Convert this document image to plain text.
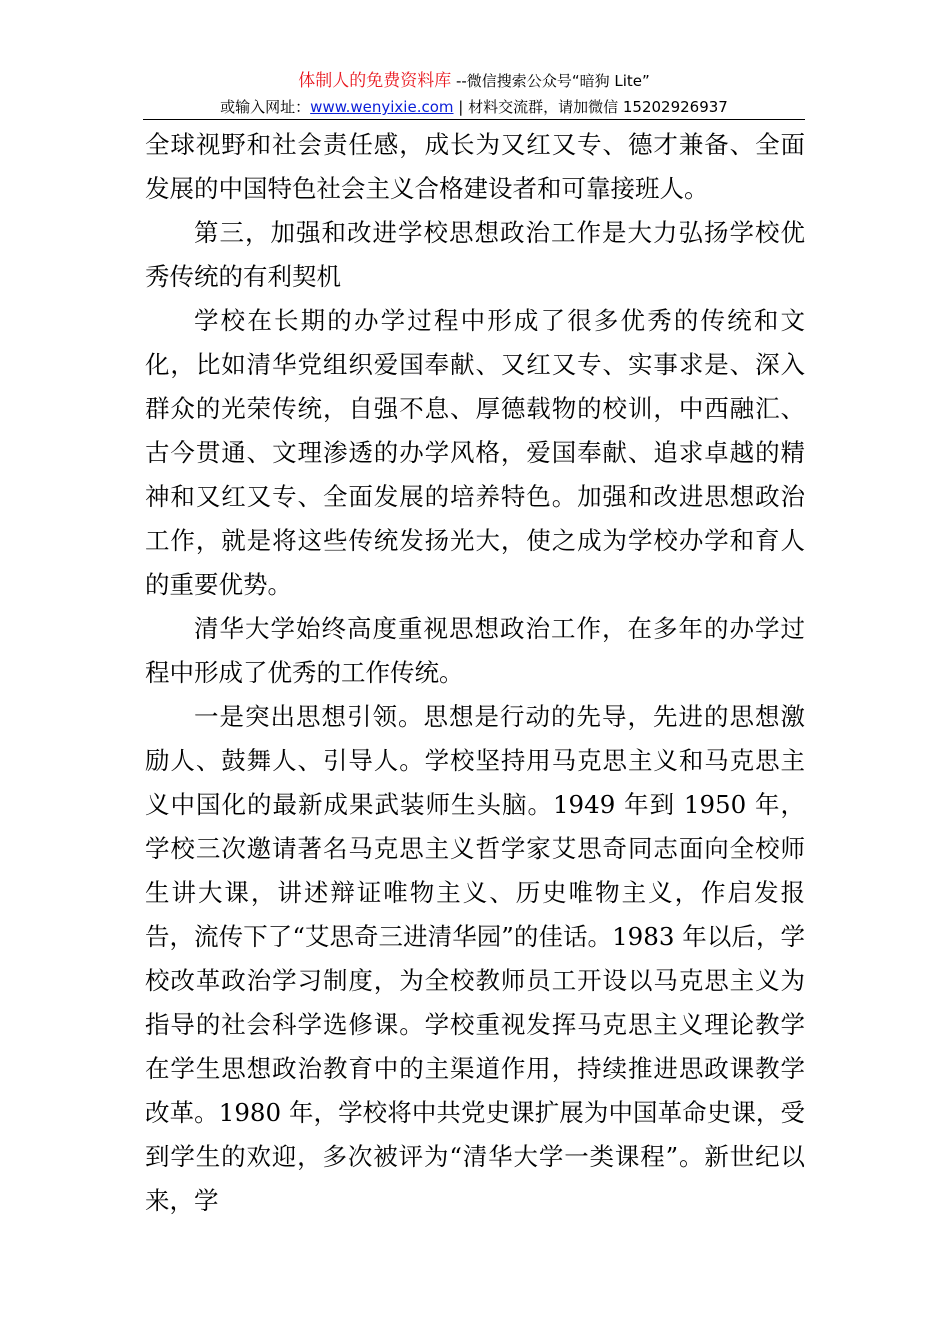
体制人的免费资料库 --微信搜索公众号“暗狗 Lite”
或输入网址：www.wenyixie.com | 材料交流群，请加微信 15202926937

全球视野和社会责任感，成长为又红又专、德才兼备、全面发展的中国特色社会主义合格建设者和可靠接班人。

第三，加强和改进学校思想政治工作是大力弘扬学校优秀传统的有利契机

学校在长期的办学过程中形成了很多优秀的传统和文化，比如清华党组织爱国奉献、又红又专、实事求是、深入群众的光荣传统，自强不息、厚德载物的校训，中西融汇、古今贯通、文理渗透的办学风格，爱国奉献、追求卓越的精神和又红又专、全面发展的培养特色。加强和改进思想政治工作，就是将这些传统发扬光大，使之成为学校办学和育人的重要优势。

清华大学始终高度重视思想政治工作，在多年的办学过程中形成了优秀的工作传统。

一是突出思想引领。思想是行动的先导，先进的思想激励人、鼓舞人、引导人。学校坚持用马克思主义和马克思主义中国化的最新成果武装师生头脑。1949 年到 1950 年，学校三次邀请著名马克思主义哲学家艾思奇同志面向全校师生讲大课，讲述辩证唯物主义、历史唯物主义，作启发报告，流传下了“艾思奇三进清华园”的佳话。1983 年以后，学校改革政治学习制度，为全校教师员工开设以马克思主义为指导的社会科学选修课。学校重视发挥马克思主义理论教学在学生思想政治教育中的主渠道作用，持续推进思政课教学改革。1980 年，学校将中共党史课扩展为中国革命史课，受到学生的欢迎，多次被评为“清华大学一类课程”。新世纪以来，学
